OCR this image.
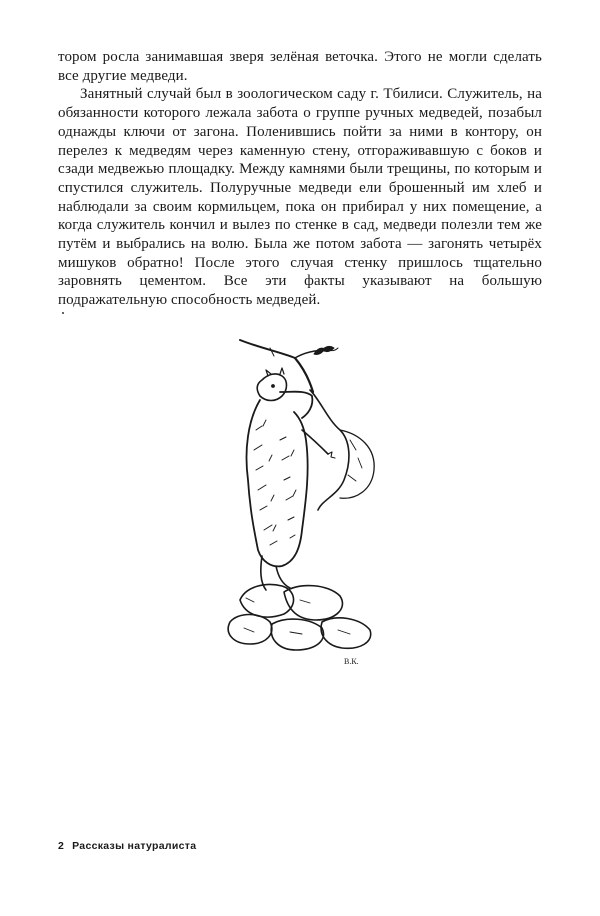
тором росла занимавшая зверя зелёная веточка. Этого не могли сделать все другие медведи.

Занятный случай был в зоологическом саду г. Тбилиси. Служитель, на обязанности которого лежала забота о группе ручных медведей, позабыл однажды ключи от загона. Поленившись пойти за ними в контору, он перелез к медведям через каменную стену, отгораживавшую с боков и сзади медвежью площадку. Между камнями были трещины, по которым и спустился служитель. Полуручные медведи ели брошенный им хлеб и наблюдали за своим кормильцем, пока он прибирал у них помещение, а когда служитель кончил и вылез по стенке в сад, медведи полезли тем же путём и выбрались на волю. Была же потом забота — загонять четырёх мишуков обратно! После этого случая стенку пришлось тщательно заровнять цементом. Все эти факты указывают на большую подражательную способность медведей.

В.К.
2 Рассказы натуралиста
